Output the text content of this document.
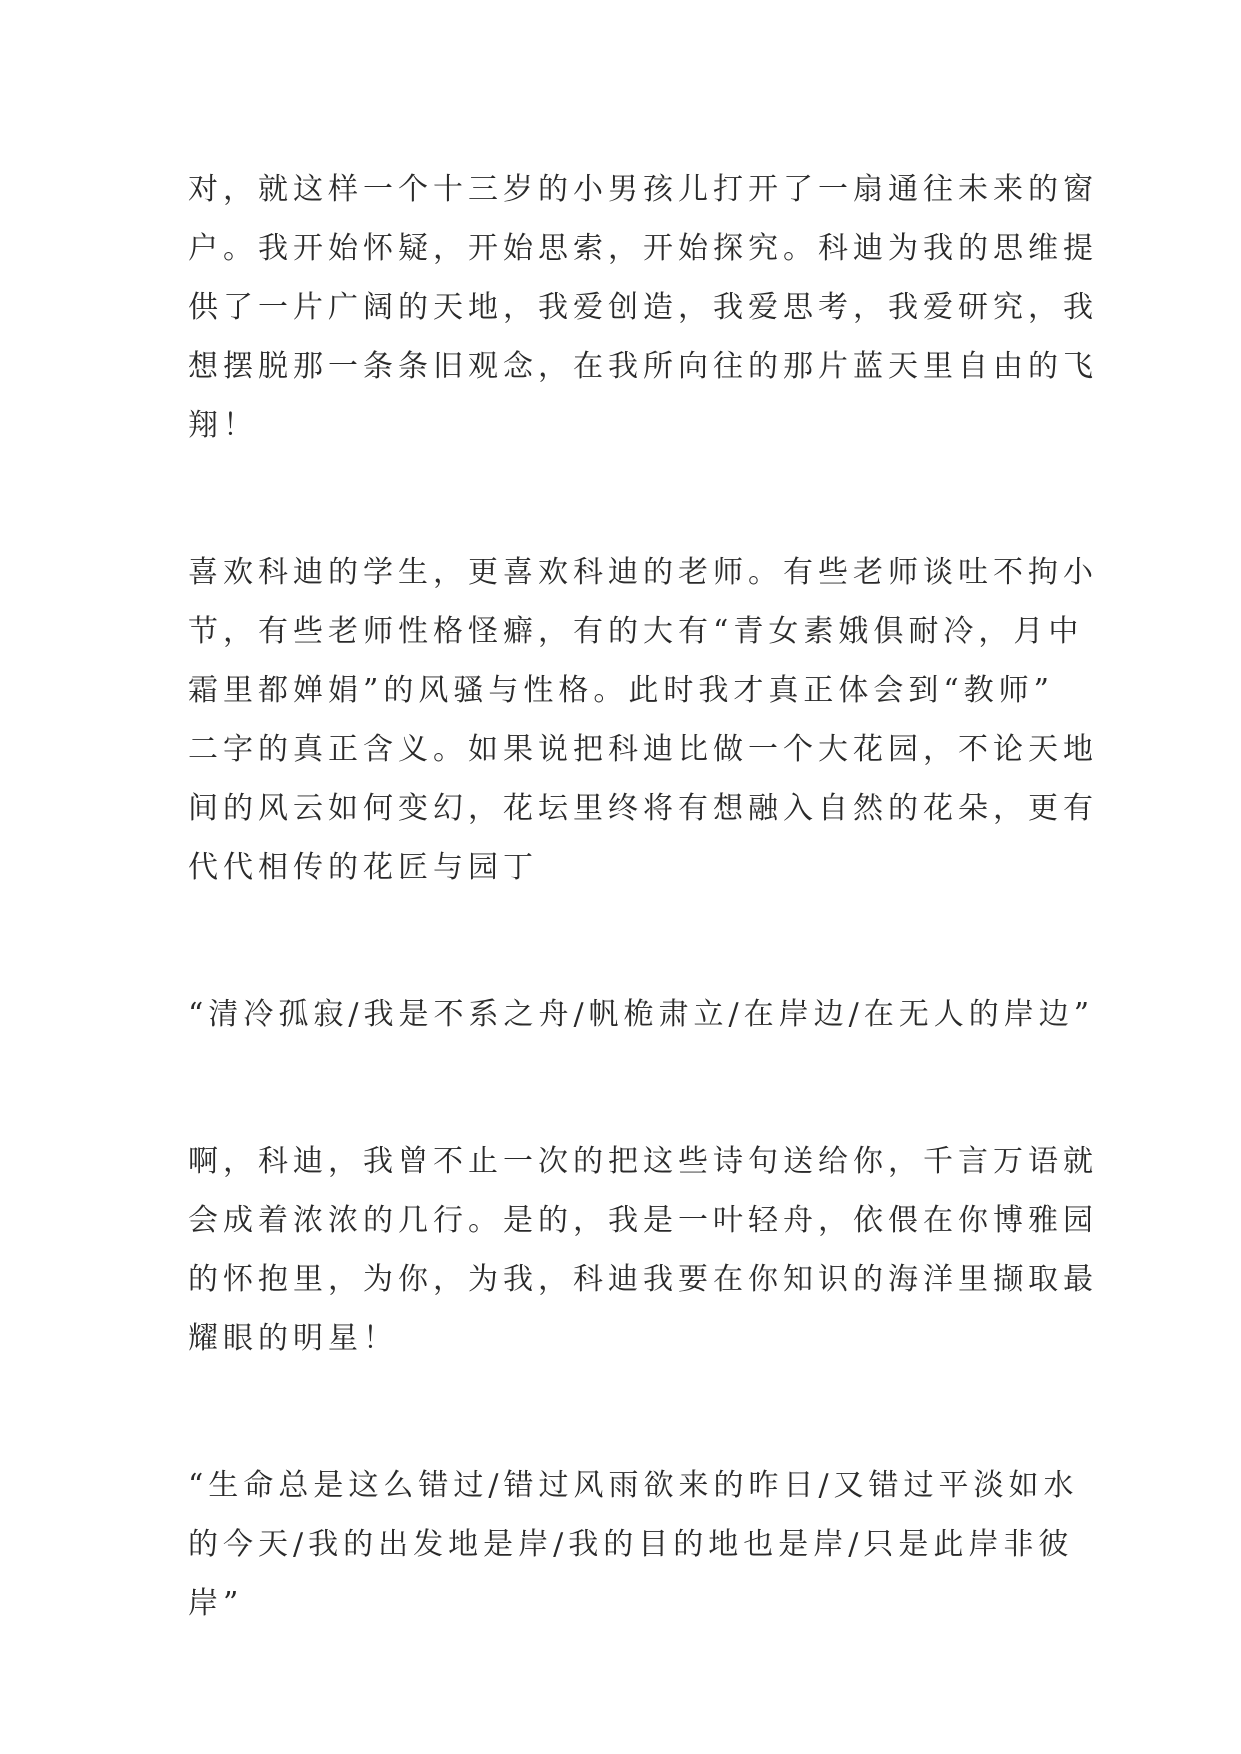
对，就这样一个十三岁的小男孩儿打开了一扇通往未来的窗
户。我开始怀疑，开始思索，开始探究。科迪为我的思维提
供了一片广阔的天地，我爱创造，我爱思考，我爱研究，我
想摆脱那一条条旧观念，在我所向往的那片蓝天里自由的飞
翔！

喜欢科迪的学生，更喜欢科迪的老师。有些老师谈吐不拘小
节，有些老师性格怪癖，有的大有“青女素娥俱耐冷，月中
霜里都婵娟”的风骚与性格。此时我才真正体会到“教师”
二字的真正含义。如果说把科迪比做一个大花园，不论天地
间的风云如何变幻，花坛里终将有想融入自然的花朵，更有
代代相传的花匠与园丁

“清冷孤寂/我是不系之舟/帆桅肃立/在岸边/在无人的岸边”

啊，科迪，我曾不止一次的把这些诗句送给你，千言万语就
会成着浓浓的几行。是的，我是一叶轻舟，依偎在你博雅园
的怀抱里，为你，为我，科迪我要在你知识的海洋里撷取最
耀眼的明星！

“生命总是这么错过/错过风雨欲来的昨日/又错过平淡如水
的今天/我的出发地是岸/我的目的地也是岸/只是此岸非彼
岸”
